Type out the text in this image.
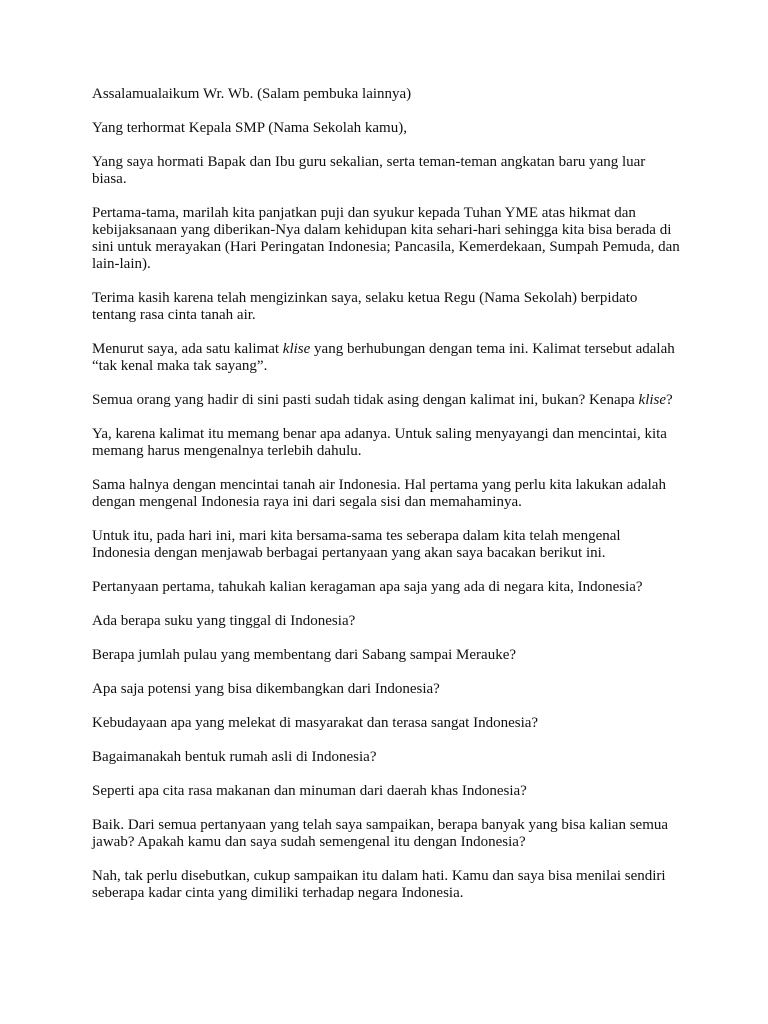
Assalamualaikum Wr. Wb. (Salam pembuka lainnya)

Yang terhormat Kepala SMP (Nama Sekolah kamu),

Yang saya hormati Bapak dan Ibu guru sekalian, serta teman-teman angkatan baru yang luar biasa.

Pertama-tama, marilah kita panjatkan puji dan syukur kepada Tuhan YME atas hikmat dan kebijaksanaan yang diberikan-Nya dalam kehidupan kita sehari-hari sehingga kita bisa berada di sini untuk merayakan (Hari Peringatan Indonesia; Pancasila, Kemerdekaan, Sumpah Pemuda, dan lain-lain).

Terima kasih karena telah mengizinkan saya, selaku ketua Regu (Nama Sekolah) berpidato tentang rasa cinta tanah air.

Menurut saya, ada satu kalimat klise yang berhubungan dengan tema ini. Kalimat tersebut adalah “tak kenal maka tak sayang”.

Semua orang yang hadir di sini pasti sudah tidak asing dengan kalimat ini, bukan? Kenapa klise?

Ya, karena kalimat itu memang benar apa adanya. Untuk saling menyayangi dan mencintai, kita memang harus mengenalnya terlebih dahulu.

Sama halnya dengan mencintai tanah air Indonesia. Hal pertama yang perlu kita lakukan adalah dengan mengenal Indonesia raya ini dari segala sisi dan memahaminya.

Untuk itu, pada hari ini, mari kita bersama-sama tes seberapa dalam kita telah mengenal Indonesia dengan menjawab berbagai pertanyaan yang akan saya bacakan berikut ini.

Pertanyaan pertama, tahukah kalian keragaman apa saja yang ada di negara kita, Indonesia?

Ada berapa suku yang tinggal di Indonesia?

Berapa jumlah pulau yang membentang dari Sabang sampai Merauke?

Apa saja potensi yang bisa dikembangkan dari Indonesia?

Kebudayaan apa yang melekat di masyarakat dan terasa sangat Indonesia?

Bagaimanakah bentuk rumah asli di Indonesia?

Seperti apa cita rasa makanan dan minuman dari daerah khas Indonesia?

Baik. Dari semua pertanyaan yang telah saya sampaikan, berapa banyak yang bisa kalian semua jawab? Apakah kamu dan saya sudah semengenal itu dengan Indonesia?

Nah, tak perlu disebutkan, cukup sampaikan itu dalam hati. Kamu dan saya bisa menilai sendiri seberapa kadar cinta yang dimiliki terhadap negara Indonesia.
